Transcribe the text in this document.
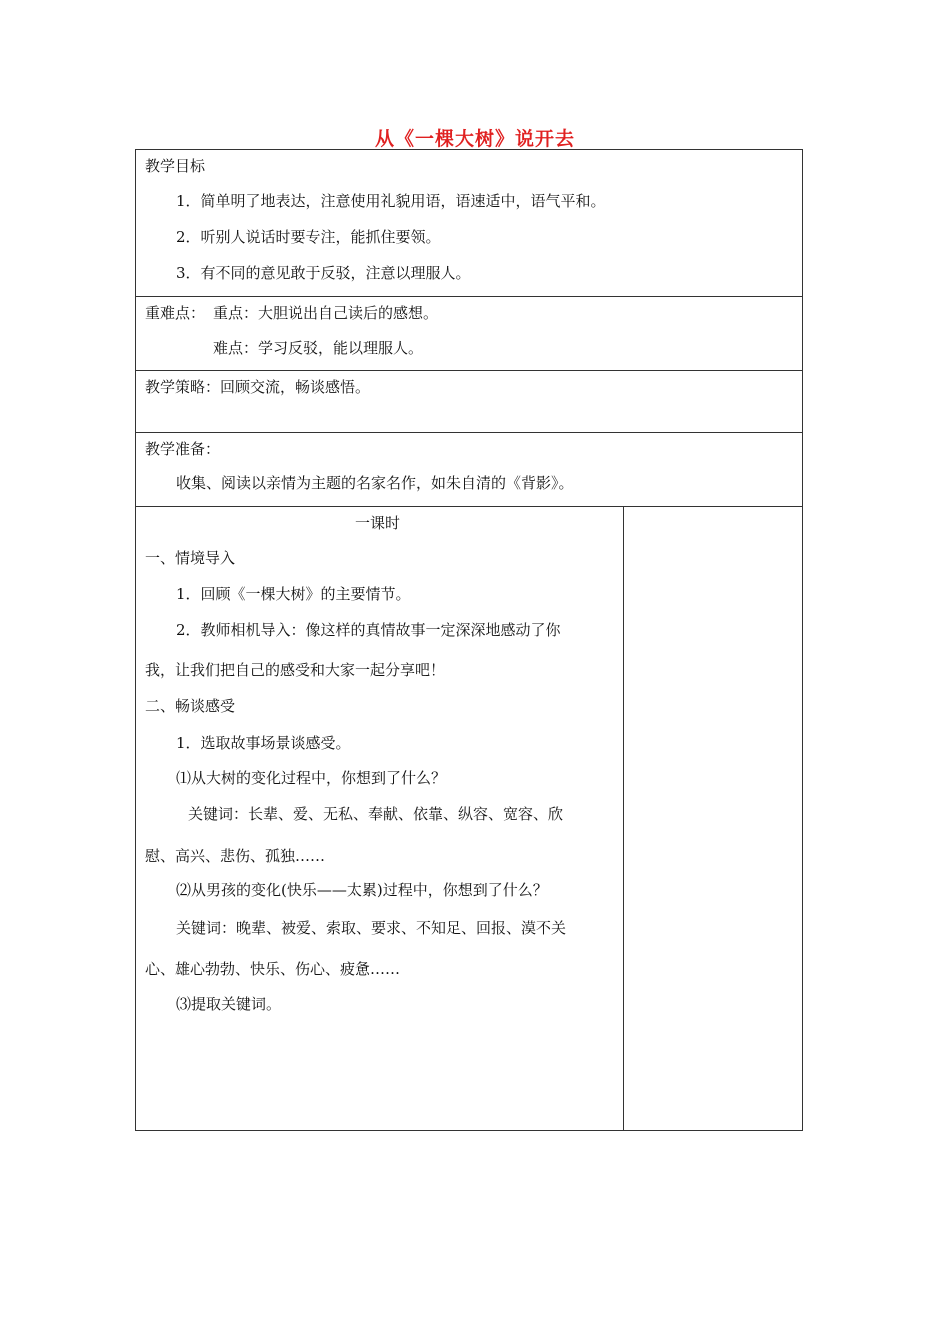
从《一棵大树》说开去
教学目标
1．简单明了地表达，注意使用礼貌用语，语速适中，语气平和。
2．听别人说话时要专注，能抓住要领。
3．有不同的意见敢于反驳，注意以理服人。
重难点： 重点：大胆说出自己读后的感想。
难点：学习反驳，能以理服人。
教学策略：回顾交流，畅谈感悟。
教学准备：
收集、阅读以亲情为主题的名家名作，如朱自清的《背影》。
一课时
一、情境导入
1．回顾《一棵大树》的主要情节。
2．教师相机导入：像这样的真情故事一定深深地感动了你
我，让我们把自己的感受和大家一起分享吧！
二、畅谈感受
1．选取故事场景谈感受。
⑴从大树的变化过程中，你想到了什么？
关键词：长辈、爱、无私、奉献、依靠、纵容、宽容、欣
慰、高兴、悲伤、孤独……
⑵从男孩的变化(快乐——太累)过程中，你想到了什么？
关键词：晚辈、被爱、索取、要求、不知足、回报、漠不关
心、雄心勃勃、快乐、伤心、疲惫……
⑶提取关键词。
